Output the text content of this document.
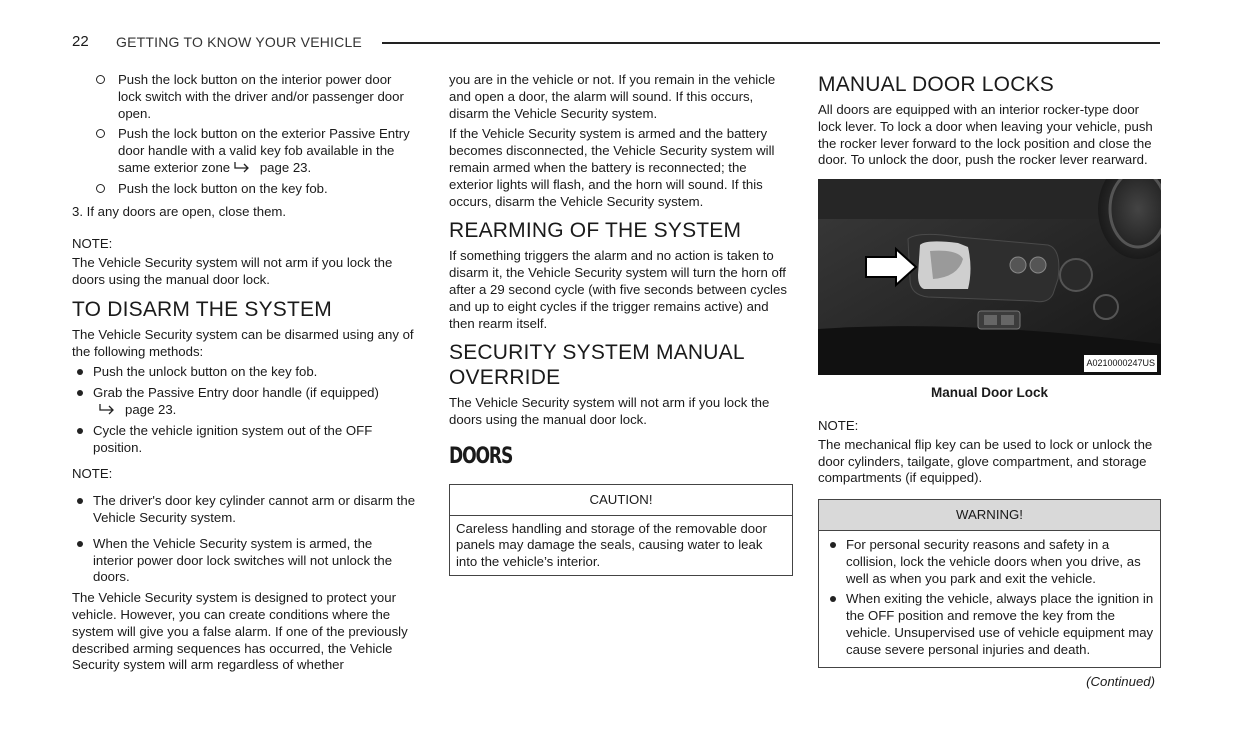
22 GETTING TO KNOW YOUR VEHICLE
Push the lock button on the interior power door lock switch with the driver and/or passenger door open.
Push the lock button on the exterior Passive Entry door handle with a valid key fob available in the same exterior zone page 23.
Push the lock button on the key fob.

3. If any doors are open, close them.

NOTE:

The Vehicle Security system will not arm if you lock the doors using the manual door lock.

TO DISARM THE SYSTEM

The Vehicle Security system can be disarmed using any of the following methods:

Push the unlock button on the key fob.
Grab the Passive Entry door handle (if equipped)
page 23.
Cycle the vehicle ignition system out of the OFF position.

NOTE:

The driver's door key cylinder cannot arm or disarm the Vehicle Security system.
When the Vehicle Security system is armed, the interior power door lock switches will not unlock the doors.

The Vehicle Security system is designed to protect your vehicle. However, you can create conditions where the system will give you a false alarm. If one of the previously described arming sequences has occurred, the Vehicle Security system will arm regardless of whether

you are in the vehicle or not. If you remain in the vehicle and open a door, the alarm will sound. If this occurs, disarm the Vehicle Security system.

If the Vehicle Security system is armed and the battery becomes disconnected, the Vehicle Security system will remain armed when the battery is reconnected; the exterior lights will flash, and the horn will sound. If this occurs, disarm the Vehicle Security system.

REARMING OF THE SYSTEM

If something triggers the alarm and no action is taken to disarm it, the Vehicle Security system will turn the horn off after a 29 second cycle (with five seconds between cycles and up to eight cycles if the trigger remains active) and then rearm itself.

SECURITY SYSTEM MANUAL OVERRIDE

The Vehicle Security system will not arm if you lock the doors using the manual door lock.

DOORS
CAUTION!
Careless handling and storage of the removable door panels may damage the seals, causing water to leak into the vehicle’s interior.
MANUAL DOOR LOCKS

All doors are equipped with an interior rocker-type door lock lever. To lock a door when leaving your vehicle, push the rocker lever forward to the lock position and close the door. To unlock the door, push the rocker lever rearward.

A0210000247US

Manual Door Lock

NOTE:

The mechanical flip key can be used to lock or unlock the door cylinders, tailgate, glove compartment, and storage compartments (if equipped).

WARNING!
For personal security reasons and safety in a collision, lock the vehicle doors when you drive, as well as when you park and exit the vehicle.
When exiting the vehicle, always place the ignition in the OFF position and remove the key from the vehicle. Unsupervised use of vehicle equipment may cause severe personal injuries and death.

(Continued)
